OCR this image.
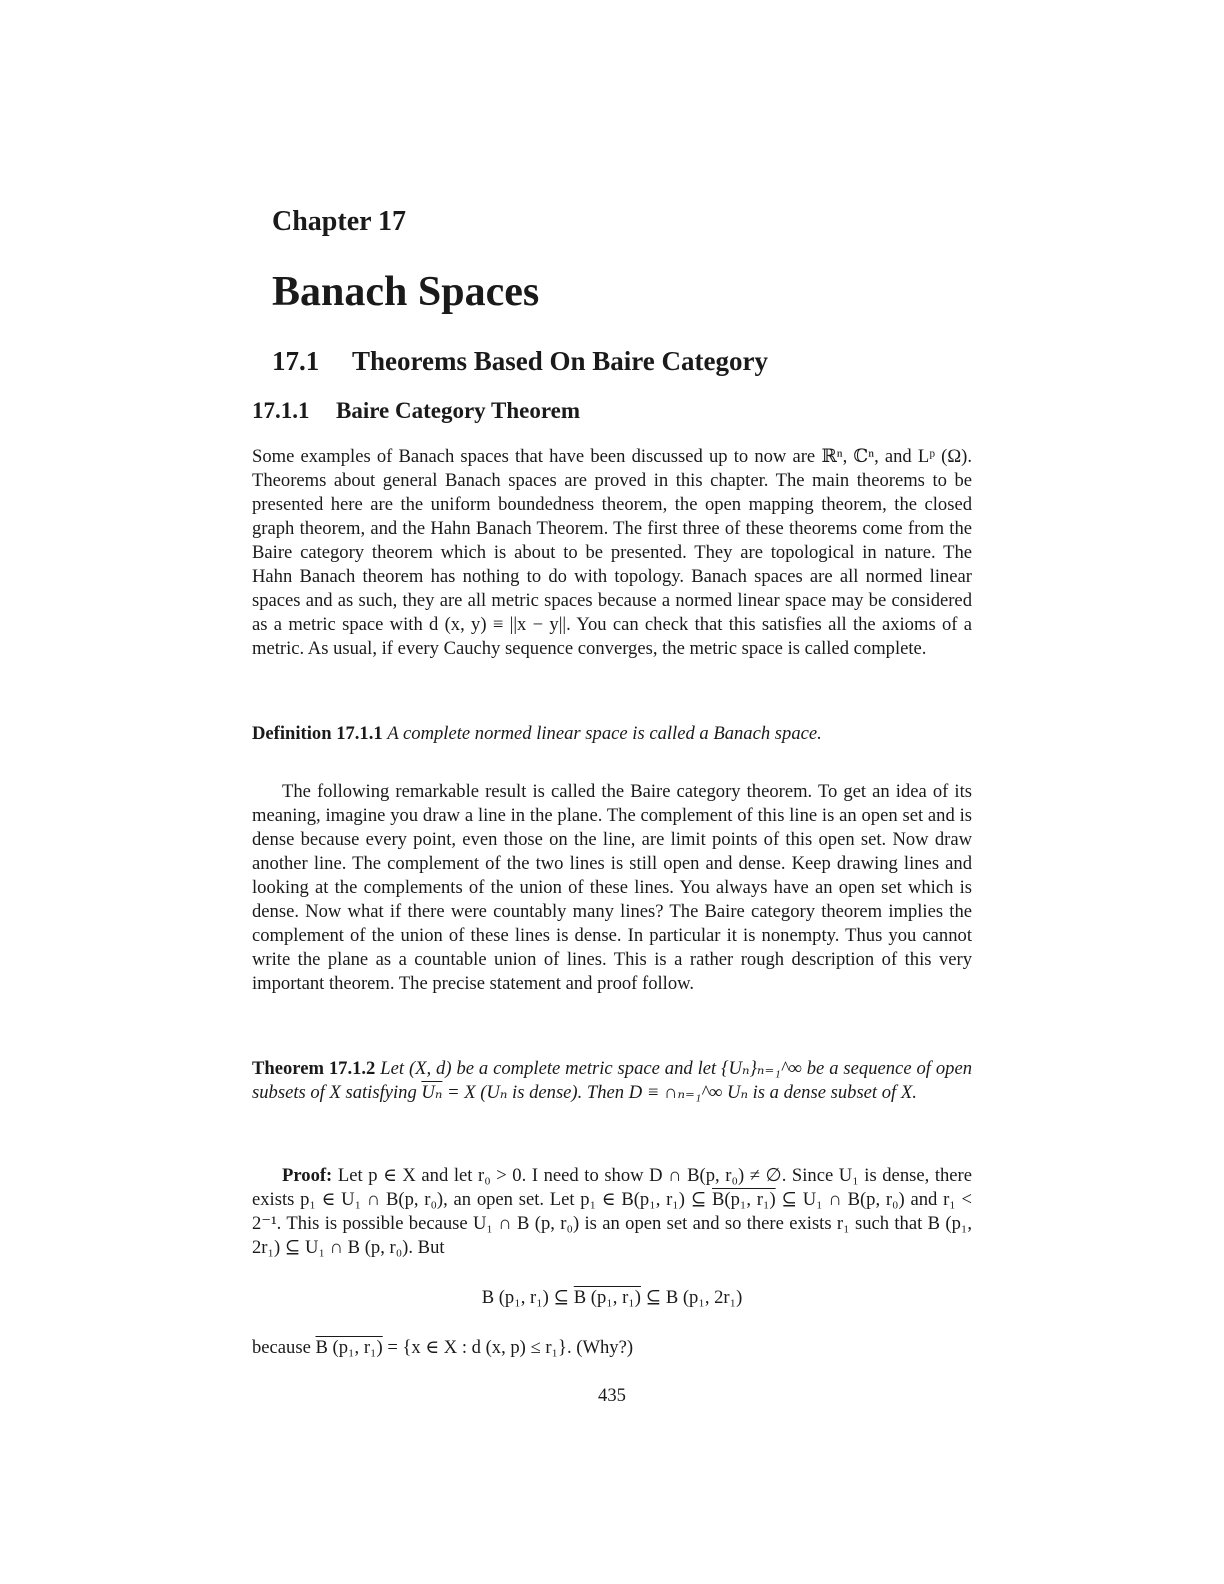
Chapter 17
Banach Spaces
17.1 Theorems Based On Baire Category
17.1.1 Baire Category Theorem

Some examples of Banach spaces that have been discussed up to now are ℝⁿ, ℂⁿ, and Lᵖ (Ω). Theorems about general Banach spaces are proved in this chapter. The main theorems to be presented here are the uniform boundedness theorem, the open mapping theorem, the closed graph theorem, and the Hahn Banach Theorem. The first three of these theorems come from the Baire category theorem which is about to be presented. They are topological in nature. The Hahn Banach theorem has nothing to do with topology. Banach spaces are all normed linear spaces and as such, they are all metric spaces because a normed linear space may be considered as a metric space with d (x, y) ≡ ||x − y||. You can check that this satisfies all the axioms of a metric. As usual, if every Cauchy sequence converges, the metric space is called complete.

Definition 17.1.1 A complete normed linear space is called a Banach space.

The following remarkable result is called the Baire category theorem. To get an idea of its meaning, imagine you draw a line in the plane. The complement of this line is an open set and is dense because every point, even those on the line, are limit points of this open set. Now draw another line. The complement of the two lines is still open and dense. Keep drawing lines and looking at the complements of the union of these lines. You always have an open set which is dense. Now what if there were countably many lines? The Baire category theorem implies the complement of the union of these lines is dense. In particular it is nonempty. Thus you cannot write the plane as a countable union of lines. This is a rather rough description of this very important theorem. The precise statement and proof follow.

Theorem 17.1.2 Let (X, d) be a complete metric space and let {Uₙ}ₙ₌₁^∞ be a sequence of open subsets of X satisfying $\overline{U_n} = X$ (Uₙ is dense). Then D ≡ ∩ₙ₌₁^∞ Uₙ is a dense subset of X.

Proof: Let p ∈ X and let r₀ > 0. I need to show D ∩ B(p, r₀) ≠ ∅. Since U₁ is dense, there exists p₁ ∈ U₁ ∩ B(p, r₀), an open set. Let p₁ ∈ B(p₁, r₁) ⊆ B(p₁, r₁) ⊆ U₁ ∩ B(p, r₀) and r₁ < 2⁻¹. This is possible because U₁ ∩ B (p, r₀) is an open set and so there exists r₁ such that B (p₁, 2r₁) ⊆ U₁ ∩ B (p, r₀). But

B (p₁, r₁) ⊆ B (p₁, r₁) ⊆ B (p₁, 2r₁)

because B (p₁, r₁) = {x ∈ X : d (x, p) ≤ r₁}. (Why?)

435
